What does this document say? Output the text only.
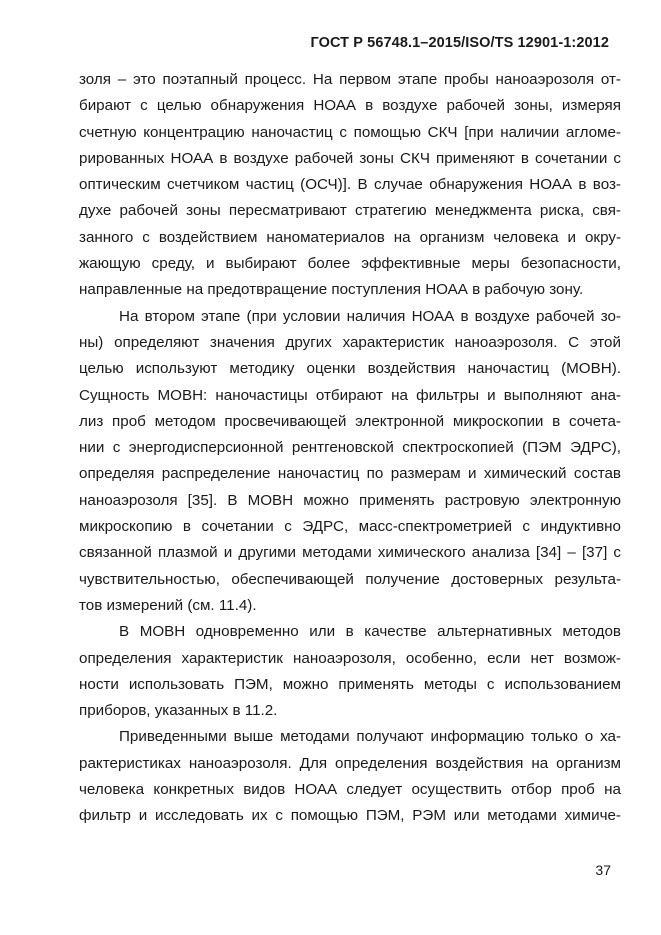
ГОСТ Р 56748.1–2015/ISO/TS 12901-1:2012
золя – это поэтапный процесс. На первом этапе пробы наноаэрозоля от-
бирают с целью обнаружения НОАА в воздухе рабочей зоны, измеряя
счетную концентрацию наночастиц с помощью СКЧ [при наличии агломе-
рированных НОАА в воздухе рабочей зоны СКЧ применяют в сочетании с
оптическим счетчиком частиц (ОСЧ)]. В случае обнаружения НОАА в воз-
духе рабочей зоны пересматривают стратегию менеджмента риска, свя-
занного с воздействием наноматериалов на организм человека и окру-
жающую среду, и выбирают более эффективные меры безопасности,
направленные на предотвращение поступления НОАА в рабочую зону.
На втором этапе (при условии наличия НОАА в воздухе рабочей зо-
ны) определяют значения других характеристик наноаэрозоля. С этой
целью используют методику оценки воздействия наночастиц (МОВН).
Сущность МОВН: наночастицы отбирают на фильтры и выполняют ана-
лиз проб методом просвечивающей электронной микроскопии в сочета-
нии с энергодисперсионной рентгеновской спектроскопией (ПЭМ ЭДРС),
определяя распределение наночастиц по размерам и химический состав
наноаэрозоля [35]. В МОВН можно применять растровую электронную
микроскопию в сочетании с ЭДРС, масс-спектрометрией с индуктивно
связанной плазмой и другими методами химического анализа [34] – [37] с
чувствительностью, обеспечивающей получение достоверных результа-
тов измерений (см. 11.4).
В МОВН одновременно или в качестве альтернативных методов
определения характеристик наноаэрозоля, особенно, если нет возмож-
ности использовать ПЭМ, можно применять методы с использованием
приборов, указанных в 11.2.
Приведенными выше методами получают информацию только о ха-
рактеристиках наноаэрозоля. Для определения воздействия на организм
человека конкретных видов НОАА следует осуществить отбор проб на
фильтр и исследовать их с помощью ПЭМ, РЭМ или методами химиче-
37
